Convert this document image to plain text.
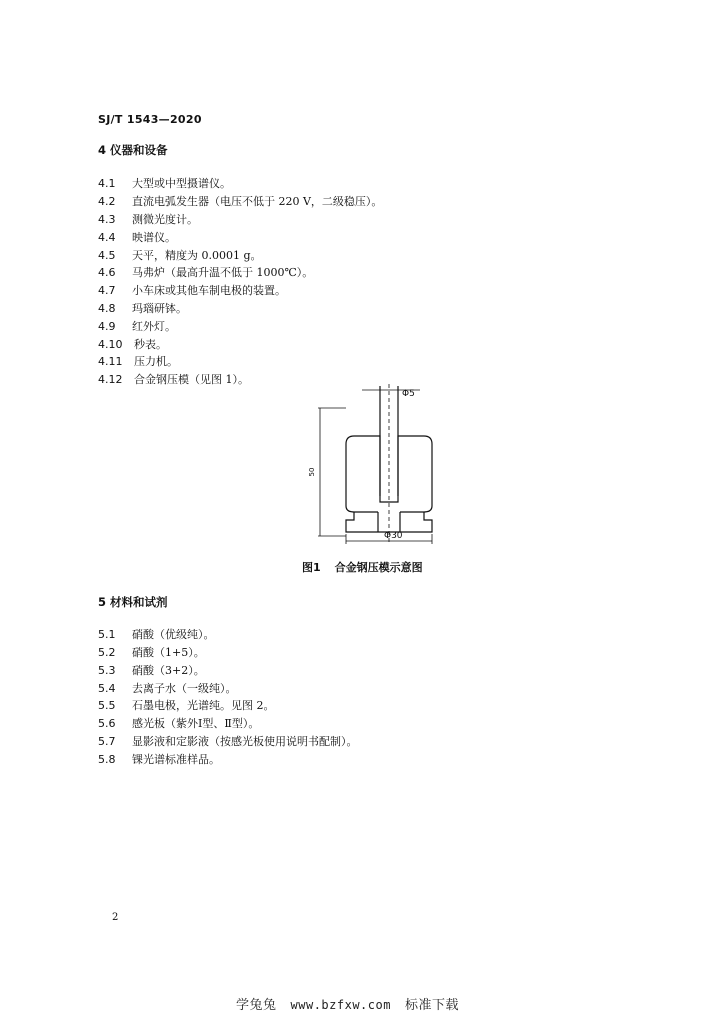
SJ/T 1543—2020
4 仪器和设备
4.1 大型或中型摄谱仪。
4.2 直流电弧发生器（电压不低于 220 V，二级稳压）。
4.3 测微光度计。
4.4 映谱仪。
4.5 天平，精度为 0.0001 g。
4.6 马弗炉（最高升温不低于 1000℃）。
4.7 小车床或其他车制电极的装置。
4.8 玛瑙研钵。
4.9 红外灯。
4.10 秒表。
4.11 压力机。
4.12 合金钢压模（见图 1）。
Φ5
50
Φ30
图1 合金钢压模示意图
5 材料和试剂
5.1 硝酸（优级纯）。
5.2 硝酸（1+5）。
5.3 硝酸（3+2）。
5.4 去离子水（一级纯）。
5.5 石墨电极，光谱纯。见图 2。
5.6 感光板（紫外Ⅰ型、Ⅱ型）。
5.7 显影液和定影液（按感光板使用说明书配制）。
5.8 锞光谱标准样品。
2
学兔兔 www.bzfxw.com 标准下载
